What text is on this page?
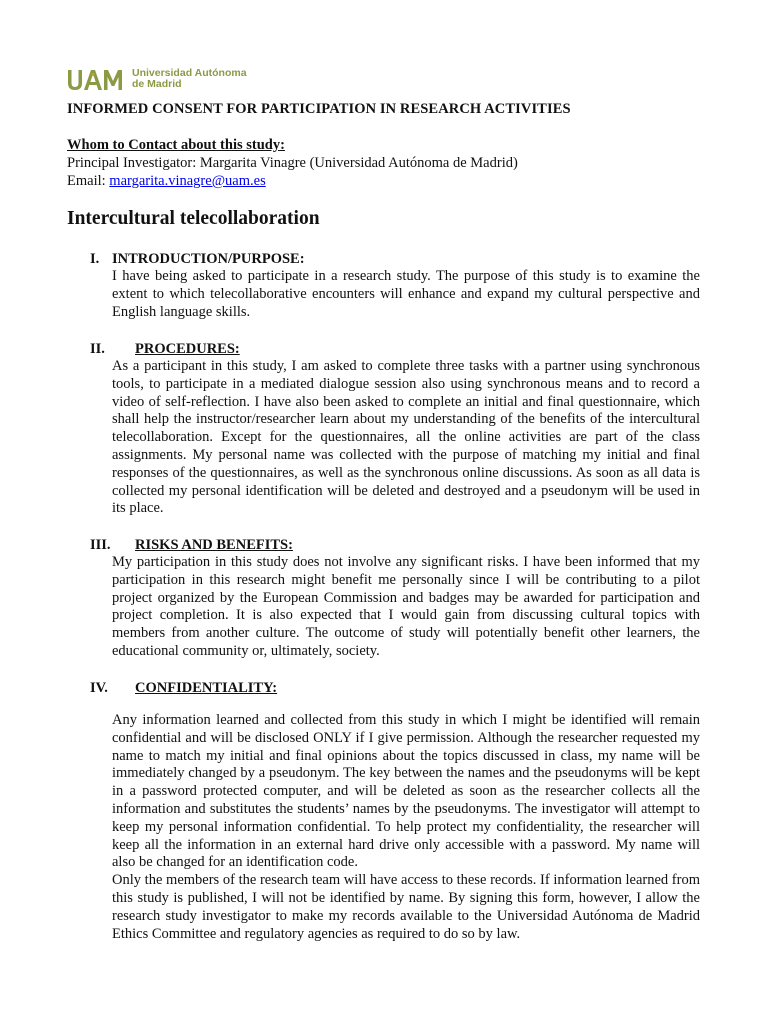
Universidad Autónoma
de Madrid
INFORMED CONSENT FOR PARTICIPATION IN RESEARCH ACTIVITIES
Whom to Contact about this study:
Principal Investigator: Margarita Vinagre (Universidad Autónoma de Madrid)
Email: margarita.vinagre@uam.es
Intercultural telecollaboration
I. INTRODUCTION/PURPOSE:

I have being asked to participate in a research study. The purpose of this study is to examine the extent to which telecollaborative encounters will enhance and expand my cultural perspective and English language skills.

II. PROCEDURES:

As a participant in this study, I am asked to complete three tasks with a partner using synchronous tools, to participate in a mediated dialogue session also using synchronous means and to record a video of self-reflection. I have also been asked to complete an initial and final questionnaire, which shall help the instructor/researcher learn about my understanding of the benefits of the intercultural telecollaboration. Except for the questionnaires, all the online activities are part of the class assignments. My personal name was collected with the purpose of matching my initial and final responses of the questionnaires, as well as the synchronous online discussions. As soon as all data is collected my personal identification will be deleted and destroyed and a pseudonym will be used in its place.

III. RISKS AND BENEFITS:

My participation in this study does not involve any significant risks. I have been informed that my participation in this research might benefit me personally since I will be contributing to a pilot project organized by the European Commission and badges may be awarded for participation and project completion. It is also expected that I would gain from discussing cultural topics with members from another culture. The outcome of study will potentially benefit other learners, the educational community or, ultimately, society.

IV. CONFIDENTIALITY:

Any information learned and collected from this study in which I might be identified will remain confidential and will be disclosed ONLY if I give permission. Although the researcher requested my name to match my initial and final opinions about the topics discussed in class, my name will be immediately changed by a pseudonym. The key between the names and the pseudonyms will be kept in a password protected computer, and will be deleted as soon as the researcher collects all the information and substitutes the students’ names by the pseudonyms. The investigator will attempt to keep my personal information confidential. To help protect my confidentiality, the researcher will keep all the information in an external hard drive only accessible with a password. My name will also be changed for an identification code.

Only the members of the research team will have access to these records. If information learned from this study is published, I will not be identified by name. By signing this form, however, I allow the research study investigator to make my records available to the Universidad Autónoma de Madrid Ethics Committee and regulatory agencies as required to do so by law.
